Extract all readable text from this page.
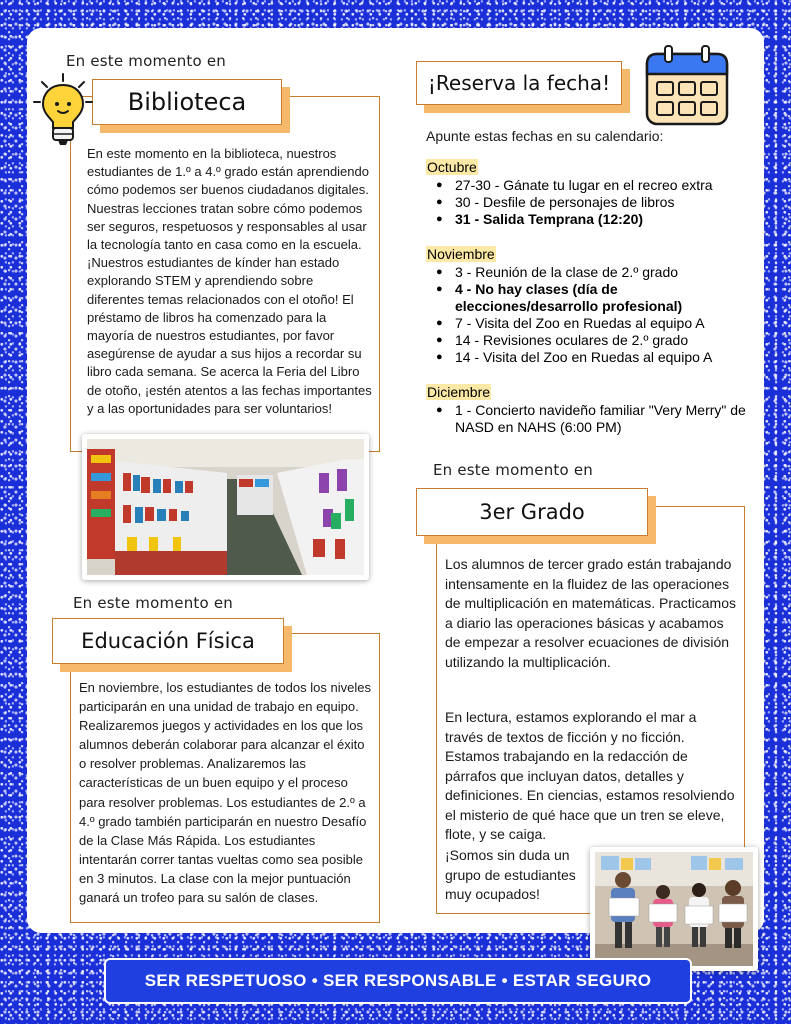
En este momento en
Biblioteca
En este momento en la biblioteca, nuestros estudiantes de 1.º a 4.º grado están aprendiendo cómo podemos ser buenos ciudadanos digitales. Nuestras lecciones tratan sobre cómo podemos ser seguros, respetuosos y responsables al usar la tecnología tanto en casa como en la escuela. ¡Nuestros estudiantes de kínder han estado explorando STEM y aprendiendo sobre diferentes temas relacionados con el otoño! El préstamo de libros ha comenzado para la mayoría de nuestros estudiantes, por favor asegúrense de ayudar a sus hijos a recordar su libro cada semana. Se acerca la Feria del Libro de otoño, ¡estén atentos a las fechas importantes y a las oportunidades para ser voluntarios!
En este momento en
Educación Física
En noviembre, los estudiantes de todos los niveles participarán en una unidad de trabajo en equipo. Realizaremos juegos y actividades en los que los alumnos deberán colaborar para alcanzar el éxito o resolver problemas. Analizaremos las características de un buen equipo y el proceso para resolver problemas. Los estudiantes de 2.º a 4.º grado también participarán en nuestro Desafío de la Clase Más Rápida. Los estudiantes intentarán correr tantas vueltas como sea posible en 3 minutos. La clase con la mejor puntuación ganará un trofeo para su salón de clases.
¡Reserva la fecha!
Apunte estas fechas en su calendario:
Octubre
● 27-30 - Gánate tu lugar en el recreo extra
● 30 - Desfile de personajes de libros
● 31 - Salida Temprana (12:20)
Noviembre
● 3 - Reunión de la clase de 2.º grado
● 4 - No hay clases (día de elecciones/desarrollo profesional)
● 7 - Visita del Zoo en Ruedas al equipo A
● 14 - Revisiones oculares de 2.º grado
● 14 - Visita del Zoo en Ruedas al equipo A
Diciembre
● 1 - Concierto navideño familiar "Very Merry" de NASD en NAHS (6:00 PM)
En este momento en
3er Grado
Los alumnos de tercer grado están trabajando intensamente en la fluidez de las operaciones de multiplicación en matemáticas. Practicamos a diario las operaciones básicas y acabamos de empezar a resolver ecuaciones de división utilizando la multiplicación.
En lectura, estamos explorando el mar a través de textos de ficción y no ficción. Estamos trabajando en la redacción de párrafos que incluyan datos, detalles y definiciones. En ciencias, estamos resolviendo el misterio de qué hace que un tren se eleve, flote, y se caiga.
¡Somos sin duda un
grupo de estudiantes
muy ocupados!
SER RESPETUOSO • SER RESPONSABLE • ESTAR SEGURO
